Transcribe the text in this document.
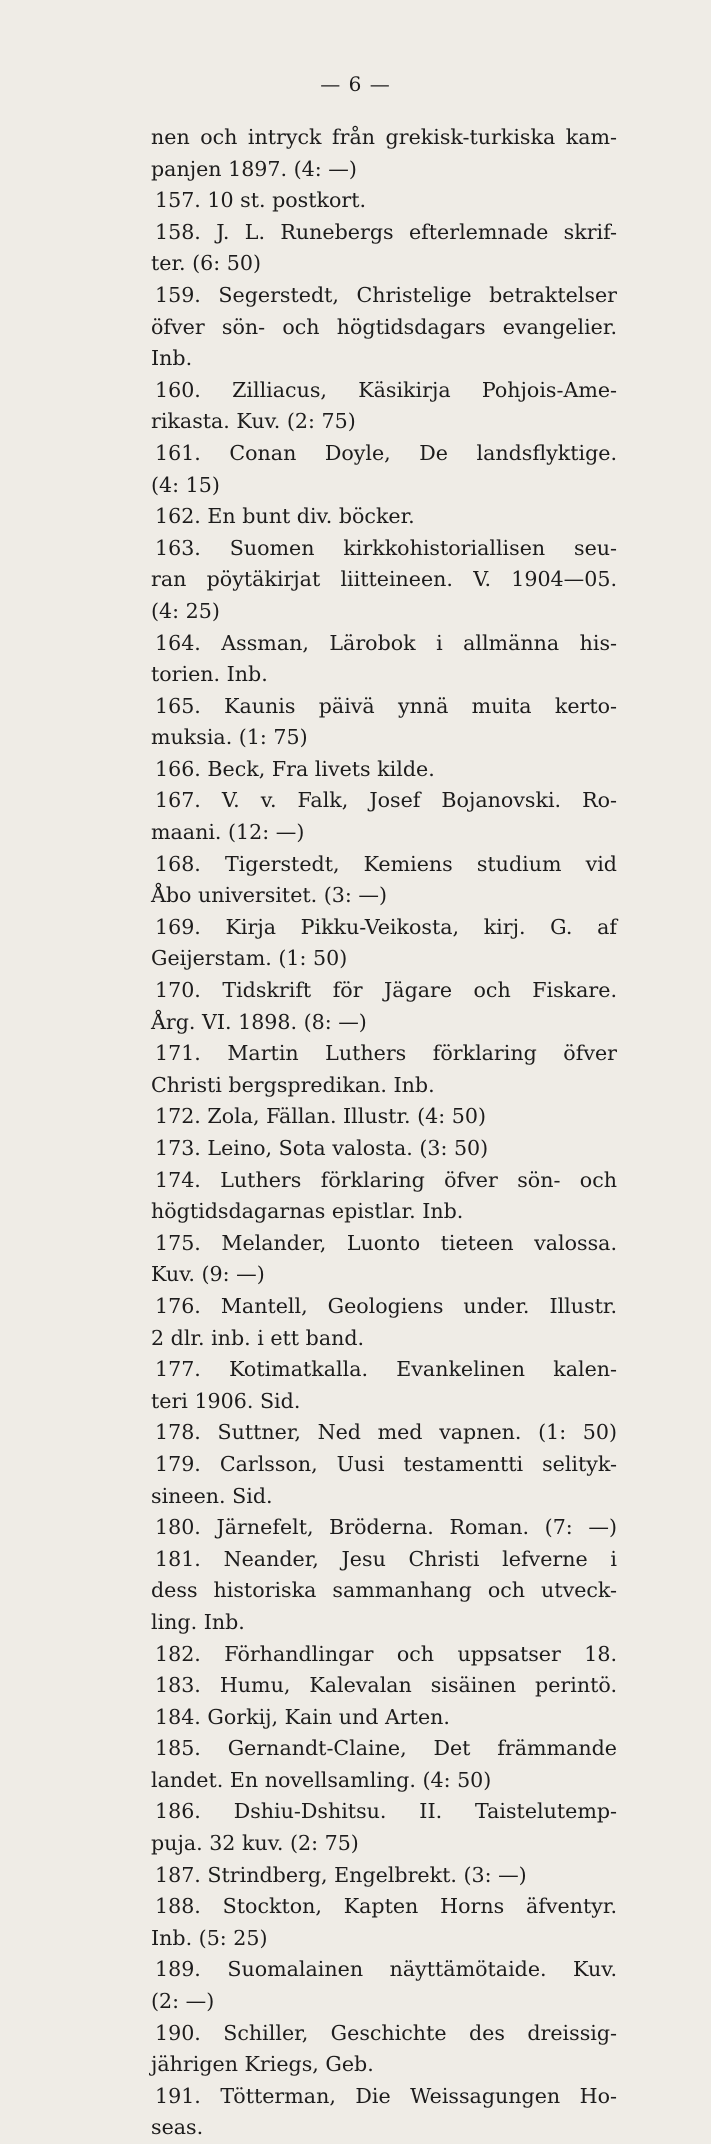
— 6 —
nen och intryck från grekisk-turkiska kam-
panjen 1897. (4: —)
157. 10 st. postkort.
158. J. L. Runebergs efterlemnade skrif-
ter. (6: 50)
159. Segerstedt, Christelige betraktelser
öfver sön- och högtidsdagars evangelier.
Inb.
160. Zilliacus, Käsikirja Pohjois-Ame-
rikasta. Kuv. (2: 75)
161. Conan Doyle, De landsflyktige.
(4: 15)
162. En bunt div. böcker.
163. Suomen kirkkohistoriallisen seu-
ran pöytäkirjat liitteineen. V. 1904—05.
(4: 25)
164. Assman, Lärobok i allmänna his-
torien. Inb.
165. Kaunis päivä ynnä muita kerto-
muksia. (1: 75)
166. Beck, Fra livets kilde.
167. V. v. Falk, Josef Bojanovski. Ro-
maani. (12: —)
168. Tigerstedt, Kemiens studium vid
Åbo universitet. (3: —)
169. Kirja Pikku-Veikosta, kirj. G. af
Geijerstam. (1: 50)
170. Tidskrift för Jägare och Fiskare.
Årg. VI. 1898. (8: —)
171. Martin Luthers förklaring öfver
Christi bergspredikan. Inb.
172. Zola, Fällan. Illustr. (4: 50)
173. Leino, Sota valosta. (3: 50)
174. Luthers förklaring öfver sön- och
högtidsdagarnas epistlar. Inb.
175. Melander, Luonto tieteen valossa.
Kuv. (9: —)
176. Mantell, Geologiens under. Illustr.
2 dlr. inb. i ett band.
177. Kotimatkalla. Evankelinen kalen-
teri 1906. Sid.
178. Suttner, Ned med vapnen. (1: 50)
179. Carlsson, Uusi testamentti selityk-
sineen. Sid.
180. Järnefelt, Bröderna. Roman. (7: —)
181. Neander, Jesu Christi lefverne i
dess historiska sammanhang och utveck-
ling. Inb.
182. Förhandlingar och uppsatser 18.
183. Humu, Kalevalan sisäinen perintö.
184. Gorkij, Kain und Arten.
185. Gernandt-Claine, Det främmande
landet. En novellsamling. (4: 50)
186. Dshiu-Dshitsu. II. Taistelutemp-
puja. 32 kuv. (2: 75)
187. Strindberg, Engelbrekt. (3: —)
188. Stockton, Kapten Horns äfventyr.
Inb. (5: 25)
189. Suomalainen näyttämötaide. Kuv.
(2: —)
190. Schiller, Geschichte des dreissig-
jährigen Kriegs, Geb.
191. Tötterman, Die Weissagungen Ho-
seas.
